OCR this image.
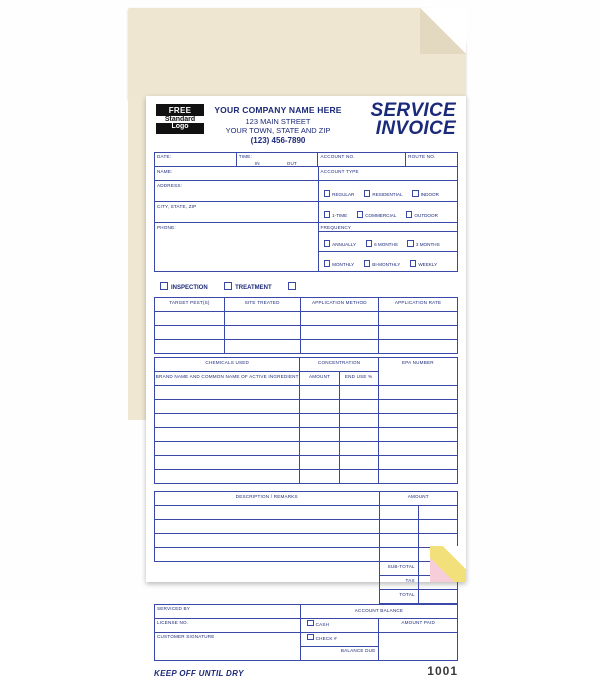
FREE
Standard
Logo
YOUR COMPANY NAME HERE
123 MAIN STREET
YOUR TOWN, STATE AND ZIP
(123) 456-7890
SERVICE
INVOICE
DATE:	TIME:
IN	OUT

ACCOUNT NO.	ROUTE NO.
NAME:	ACCOUNT TYPE

ADDRESS:	REGULAR RESIDENTIAL INDOOR

CITY, STATE, ZIP	1-TIME COMMERCIAL OUTDOOR

PHONE:	FREQUENCY

	ANNUALLY 6 MONTHS 3 MONTHS

	MONTHLY BI-MONTHLY WEEKLY
INSPECTION	TREATMENT
TARGET PEST(S)	SITE TREATED	APPLICATION METHOD	APPLICATION RATE

CHEMICALS USED	CONCENTRATION		EPA NUMBER

BRAND NAME AND COMMON NAME OF ACTIVE INGREDIENT	AMOUNT	END USE %	

DESCRIPTION / REMARKS	AMOUNT	

	SUB-TOTAL	

	TAX	

	TOTAL	

SERVICED BY	ACCOUNT BALANCE	

LICENSE NO.	CASH	AMOUNT PAID

CUSTOMER SIGNATURE	CHECK #	

	BALANCE DUE	
KEEP OFF UNTIL DRY	1001
